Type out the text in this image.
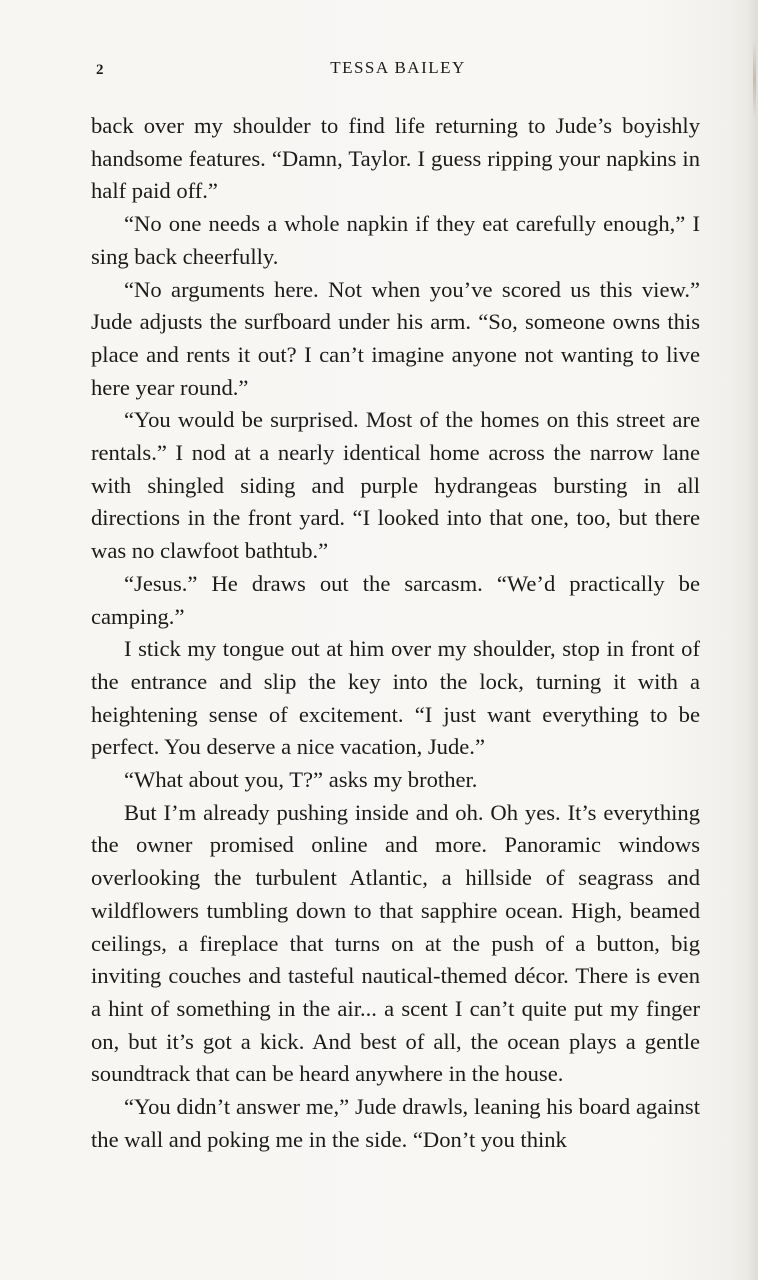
2	TESSA BAILEY

back over my shoulder to find life returning to Jude’s boyishly handsome features. “Damn, Taylor. I guess ripping your napkins in half paid off.”

“No one needs a whole napkin if they eat carefully enough,” I sing back cheerfully.

“No arguments here. Not when you’ve scored us this view.” Jude adjusts the surfboard under his arm. “So, someone owns this place and rents it out? I can’t imagine anyone not wanting to live here year round.”

“You would be surprised. Most of the homes on this street are rentals.” I nod at a nearly identical home across the narrow lane with shingled siding and purple hydrangeas bursting in all directions in the front yard. “I looked into that one, too, but there was no clawfoot bathtub.”

“Jesus.” He draws out the sarcasm. “We’d practically be camping.”

I stick my tongue out at him over my shoulder, stop in front of the entrance and slip the key into the lock, turning it with a heightening sense of excitement. “I just want everything to be perfect. You deserve a nice vacation, Jude.”

“What about you, T?” asks my brother.

But I’m already pushing inside and oh. Oh yes. It’s everything the owner promised online and more. Panoramic windows overlooking the turbulent Atlantic, a hillside of seagrass and wildflowers tumbling down to that sapphire ocean. High, beamed ceilings, a fireplace that turns on at the push of a button, big inviting couches and tasteful nautical-themed décor. There is even a hint of something in the air... a scent I can’t quite put my finger on, but it’s got a kick. And best of all, the ocean plays a gentle soundtrack that can be heard anywhere in the house.

“You didn’t answer me,” Jude drawls, leaning his board against the wall and poking me in the side. “Don’t you think
